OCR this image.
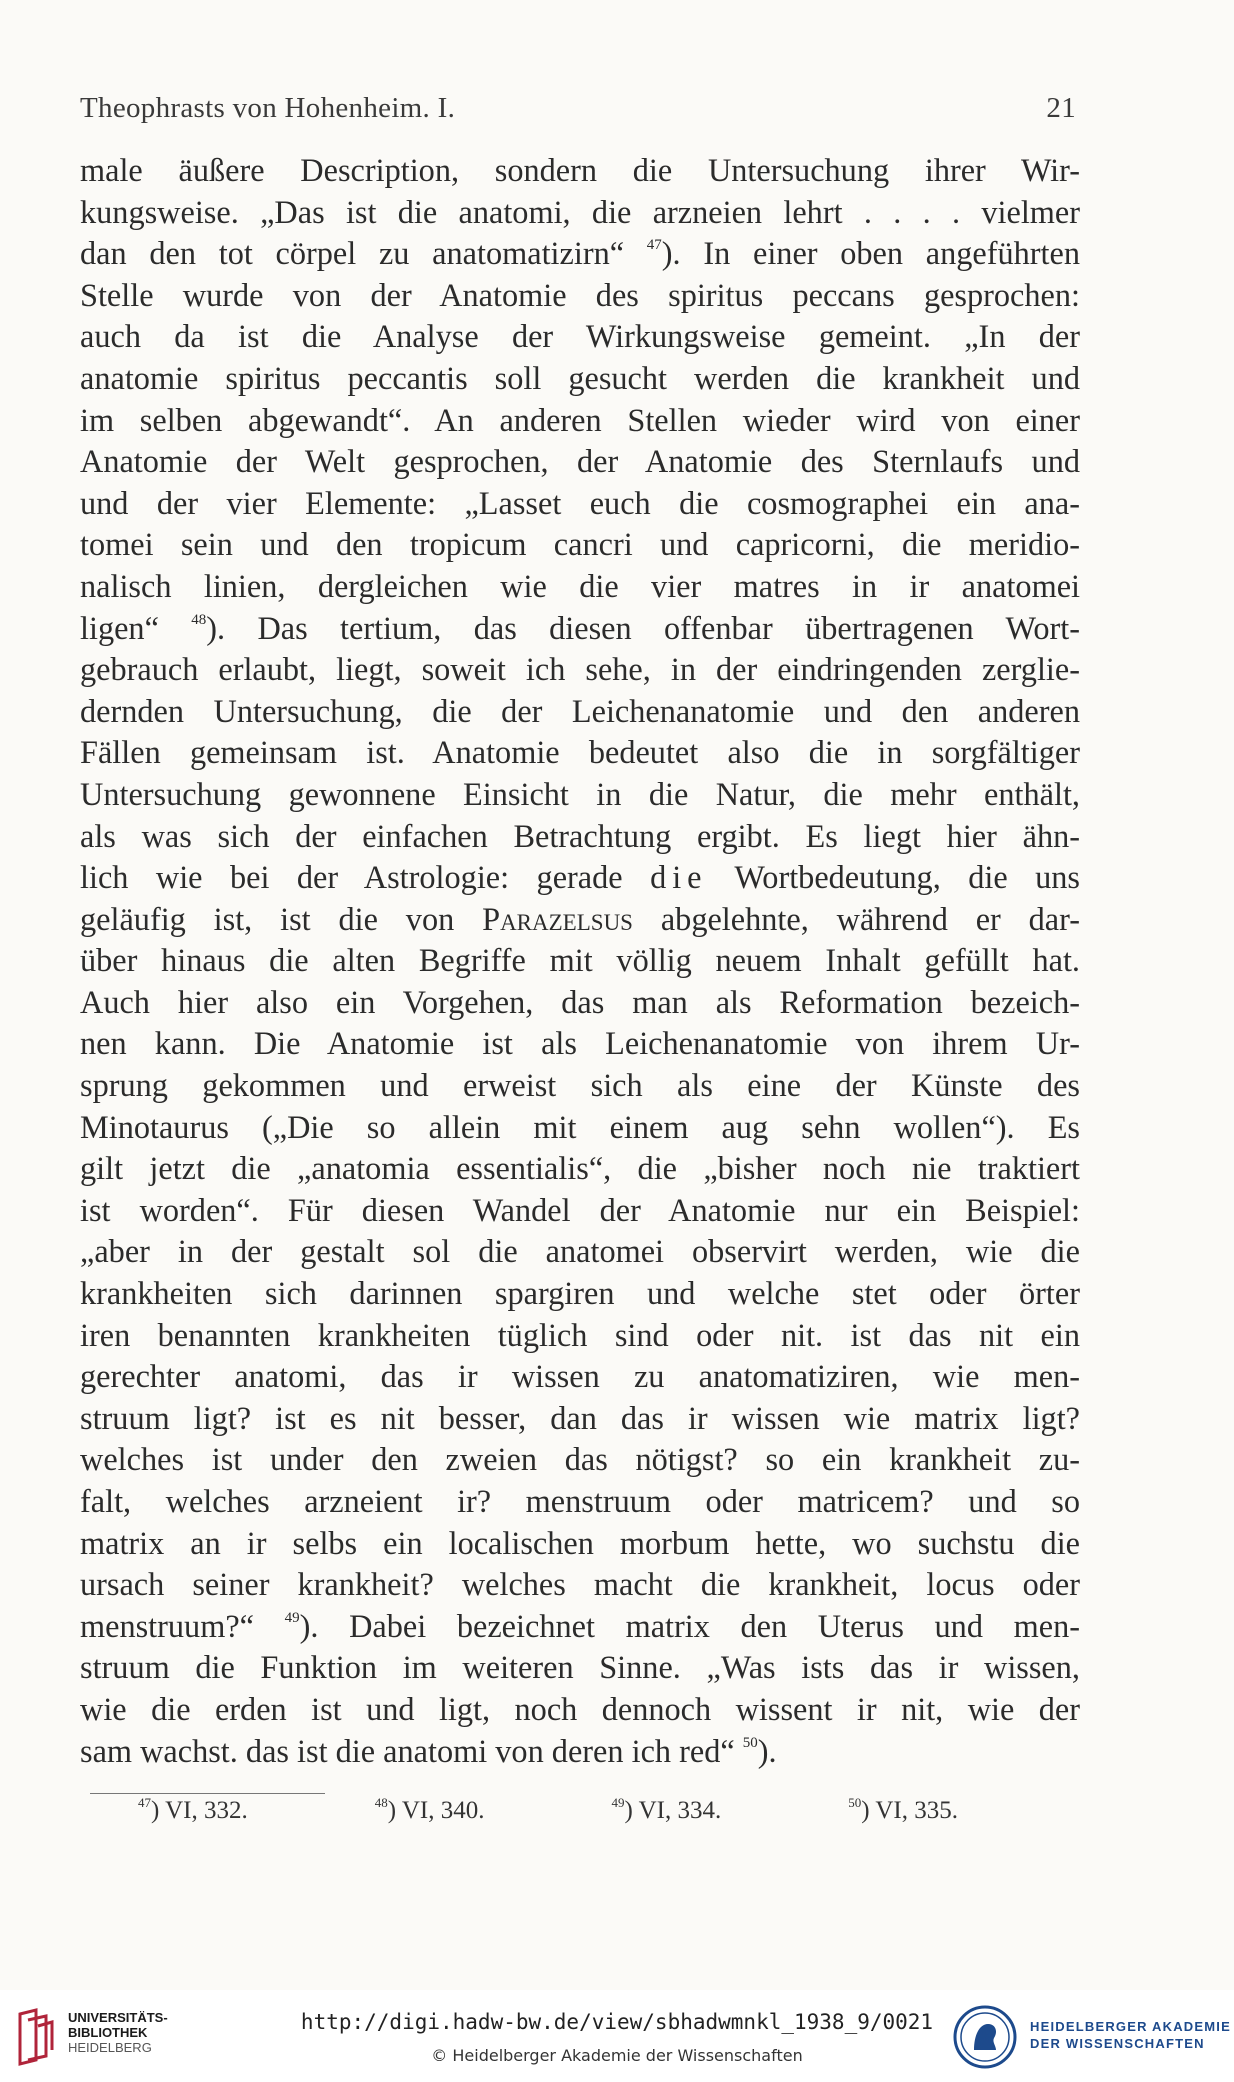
Theophrasts von Hohenheim. I.	21
male äußere Description, sondern die Untersuchung ihrer Wir-
kungsweise. „Das ist die anatomi, die arzneien lehrt . . . . vielmer
dan den tot cörpel zu anatomatizirn“ $^{47}$). In einer oben angeführten
Stelle wurde von der Anatomie des spiritus peccans gesprochen:
auch da ist die Analyse der Wirkungsweise gemeint. „In der
anatomie spiritus peccantis soll gesucht werden die krankheit und
im selben abgewandt“. An anderen Stellen wieder wird von einer
Anatomie der Welt gesprochen, der Anatomie des Sternlaufs und
und der vier Elemente: „Lasset euch die cosmographei ein ana-
tomei sein und den tropicum cancri und capricorni, die meridio-
nalisch linien, dergleichen wie die vier matres in ir anatomei
ligen“ $^{48}$). Das tertium, das diesen offenbar übertragenen Wort-
gebrauch erlaubt, liegt, soweit ich sehe, in der eindringenden zerglie-
dernden Untersuchung, die der Leichenanatomie und den anderen
Fällen gemeinsam ist. Anatomie bedeutet also die in sorgfältiger
Untersuchung gewonnene Einsicht in die Natur, die mehr enthält,
als was sich der einfachen Betrachtung ergibt. Es liegt hier ähn-
lich wie bei der Astrologie: gerade die Wortbedeutung, die uns
geläufig ist, ist die von Parazelsus abgelehnte, während er dar-
über hinaus die alten Begriffe mit völlig neuem Inhalt gefüllt hat.
Auch hier also ein Vorgehen, das man als Reformation bezeich-
nen kann. Die Anatomie ist als Leichenanatomie von ihrem Ur-
sprung gekommen und erweist sich als eine der Künste des
Minotaurus („Die so allein mit einem aug sehn wollen“). Es
gilt jetzt die „anatomia essentialis“, die „bisher noch nie traktiert
ist worden“. Für diesen Wandel der Anatomie nur ein Beispiel:
„aber in der gestalt sol die anatomei observirt werden, wie die
krankheiten sich darinnen spargiren und welche stet oder örter
iren benannten krankheiten tüglich sind oder nit. ist das nit ein
gerechter anatomi, das ir wissen zu anatomatiziren, wie men-
struum ligt? ist es nit besser, dan das ir wissen wie matrix ligt?
welches ist under den zweien das nötigst? so ein krankheit zu-
falt, welches arzneient ir? menstruum oder matricem? und so
matrix an ir selbs ein localischen morbum hette, wo suchstu die
ursach seiner krankheit? welches macht die krankheit, locus oder
menstruum?“ $^{49}$). Dabei bezeichnet matrix den Uterus und men-
struum die Funktion im weiteren Sinne. „Was ists das ir wissen,
wie die erden ist und ligt, noch dennoch wissent ir nit, wie der
sam wachst. das ist die anatomi von deren ich red“ $^{50}$).
$^{47}$) VI, 332.	$^{48}$) VI, 340.	$^{49}$) VI, 334.	$^{50}$) VI, 335.
UNIVERSITÄTS-
BIBLIOTHEK
HEIDELBERG
http://digi.hadw-bw.de/view/sbhadwmnkl_1938_9/0021
© Heidelberger Akademie der Wissenschaften
HEIDELBERGER AKADEMIE
DER WISSENSCHAFTEN
